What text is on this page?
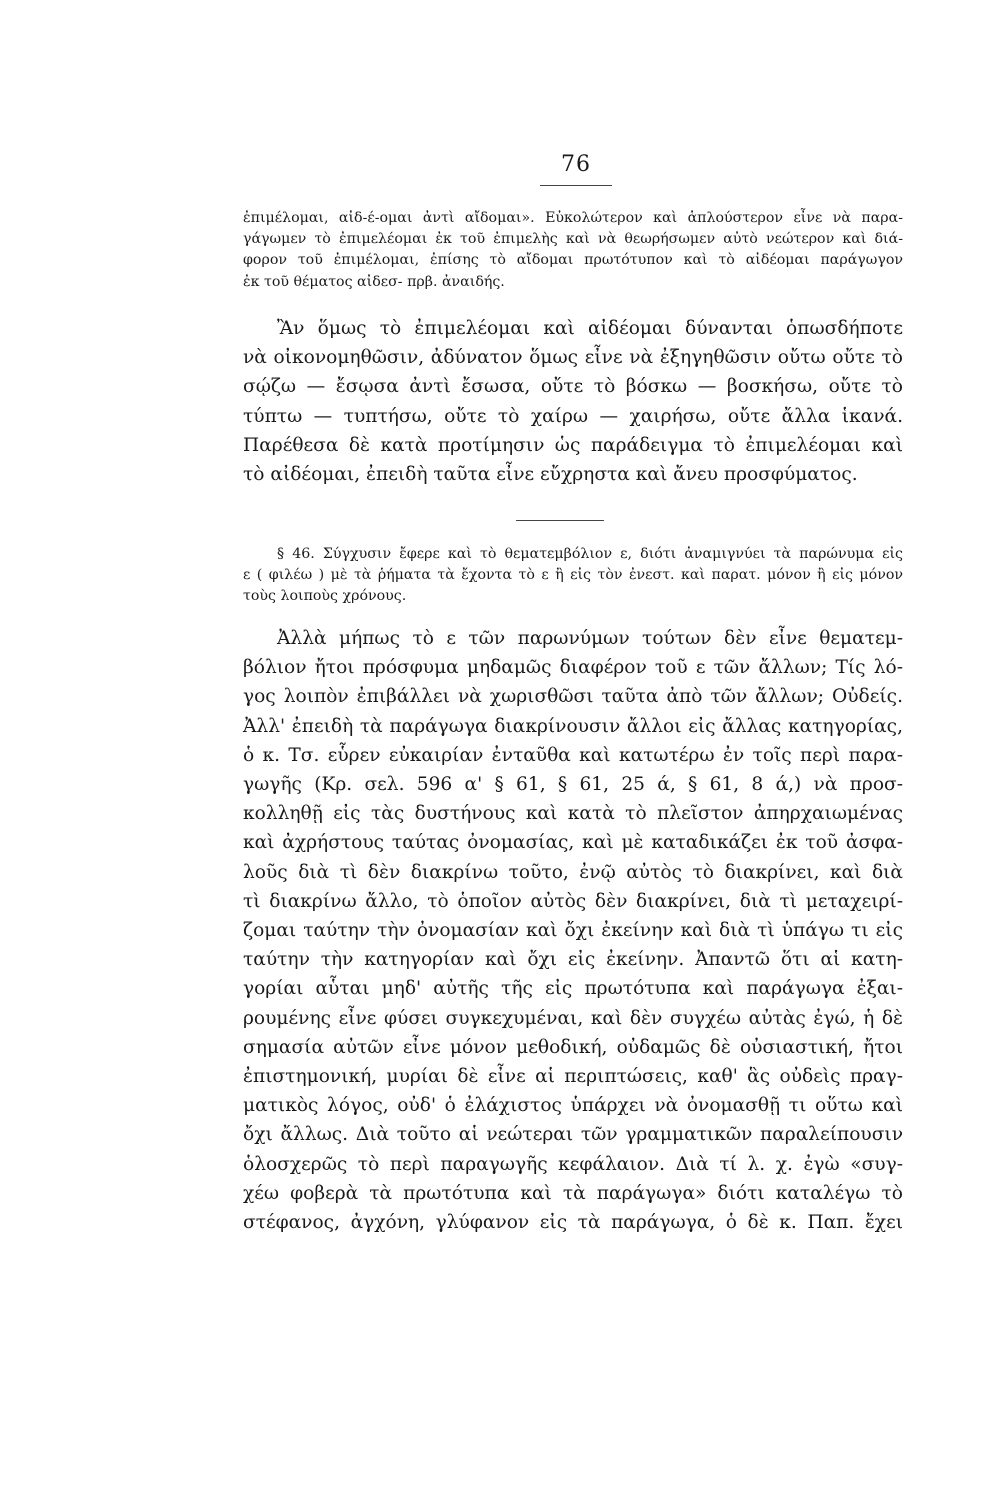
76
ἐπιμέλομαι, αἰδ-έ-ομαι ἀντὶ αἴδομαι». Εὐκολώτερον καὶ ἁπλούστερον εἶνε νὰ παρα-
γάγωμεν τὸ ἐπιμελέομαι ἐκ τοῦ ἐπιμελὴς καὶ νὰ θεωρήσωμεν αὐτὸ νεώτερον καὶ διά-
φορον τοῦ ἐπιμέλομαι, ἐπίσης τὸ αἴδομαι πρωτότυπον καὶ τὸ αἰδέομαι παράγωγον
ἐκ τοῦ θέματος αἰδεσ- πρβ. ἀναιδής.
Ἂν ὅμως τὸ ἐπιμελέομαι καὶ αἰδέομαι δύνανται ὁπωσδήποτε
νὰ οἰκονομηθῶσιν, ἀδύνατον ὅμως εἶνε νὰ ἐξηγηθῶσιν οὔτω οὔτε τὸ
σῴζω — ἔσῳσα ἀντὶ ἔσωσα, οὔτε τὸ βόσκω — βοσκήσω, οὔτε τὸ
τύπτω — τυπτήσω, οὔτε τὸ χαίρω — χαιρήσω, οὔτε ἄλλα ἱκανά.
Παρέθεσα δὲ κατὰ προτίμησιν ὡς παράδειγμα τὸ ἐπιμελέομαι καὶ
τὸ αἰδέομαι, ἐπειδὴ ταῦτα εἶνε εὔχρηστα καὶ ἄνευ προσφύματος.
§ 46. Σύγχυσιν ἔφερε καὶ τὸ θεματεμβόλιον ε, διότι ἀναμιγνύει τὰ παρώνυμα εἰς
ε ( φιλέω ) μὲ τὰ ῥήματα τὰ ἔχοντα τὸ ε ἢ εἰς τὸν ἐνεστ. καὶ παρατ. μόνον ἢ εἰς μόνον
τοὺς λοιποὺς χρόνους.
Ἀλλὰ μήπως τὸ ε τῶν παρωνύμων τούτων δὲν εἶνε θεματεμ-
βόλιον ἤτοι πρόσφυμα μηδαμῶς διαφέρον τοῦ ε τῶν ἄλλων; Τίς λό-
γος λοιπὸν ἐπιβάλλει νὰ χωρισθῶσι ταῦτα ἀπὸ τῶν ἄλλων; Οὐδείς.
Ἀλλ' ἐπειδὴ τὰ παράγωγα διακρίνουσιν ἄλλοι εἰς ἄλλας κατηγορίας,
ὁ κ. Τσ. εὗρεν εὐκαιρίαν ἐνταῦθα καὶ κατωτέρω ἐν τοῖς περὶ παρα-
γωγῆς (Κρ. σελ. 596 α' § 61, § 61, 25 ά, § 61, 8 ά,) νὰ προσ-
κολληθῇ εἰς τὰς δυστήνους καὶ κατὰ τὸ πλεῖστον ἀπηρχαιωμένας
καὶ ἀχρήστους ταύτας ὀνομασίας, καὶ μὲ καταδικάζει ἐκ τοῦ ἀσφα-
λοῦς διὰ τὶ δὲν διακρίνω τοῦτο, ἐνῷ αὐτὸς τὸ διακρίνει, καὶ διὰ
τὶ διακρίνω ἄλλο, τὸ ὁποῖον αὐτὸς δὲν διακρίνει, διὰ τὶ μεταχειρί-
ζομαι ταύτην τὴν ὀνομασίαν καὶ ὄχι ἐκείνην καὶ διὰ τὶ ὑπάγω τι εἰς
ταύτην τὴν κατηγορίαν καὶ ὄχι εἰς ἐκείνην. Ἀπαντῶ ὅτι αἱ κατη-
γορίαι αὗται μηδ' αὐτῆς τῆς εἰς πρωτότυπα καὶ παράγωγα ἐξαι-
ρουμένης εἶνε φύσει συγκεχυμέναι, καὶ δὲν συγχέω αὐτὰς ἐγώ, ἡ δὲ
σημασία αὐτῶν εἶνε μόνον μεθοδική, οὐδαμῶς δὲ οὐσιαστική, ἤτοι
ἐπιστημονική, μυρίαι δὲ εἶνε αἱ περιπτώσεις, καθ' ἃς οὐδεὶς πραγ-
ματικὸς λόγος, οὐδ' ὁ ἐλάχιστος ὑπάρχει νὰ ὀνομασθῇ τι οὕτω καὶ
ὄχι ἄλλως. Διὰ τοῦτο αἱ νεώτεραι τῶν γραμματικῶν παραλείπουσιν
ὁλοσχερῶς τὸ περὶ παραγωγῆς κεφάλαιον. Διὰ τί λ. χ. ἐγὼ «συγ-
χέω φοβερὰ τὰ πρωτότυπα καὶ τὰ παράγωγα» διότι καταλέγω τὸ
στέφανος, ἀγχόνη, γλύφανον εἰς τὰ παράγωγα, ὁ δὲ κ. Παπ. ἔχει
